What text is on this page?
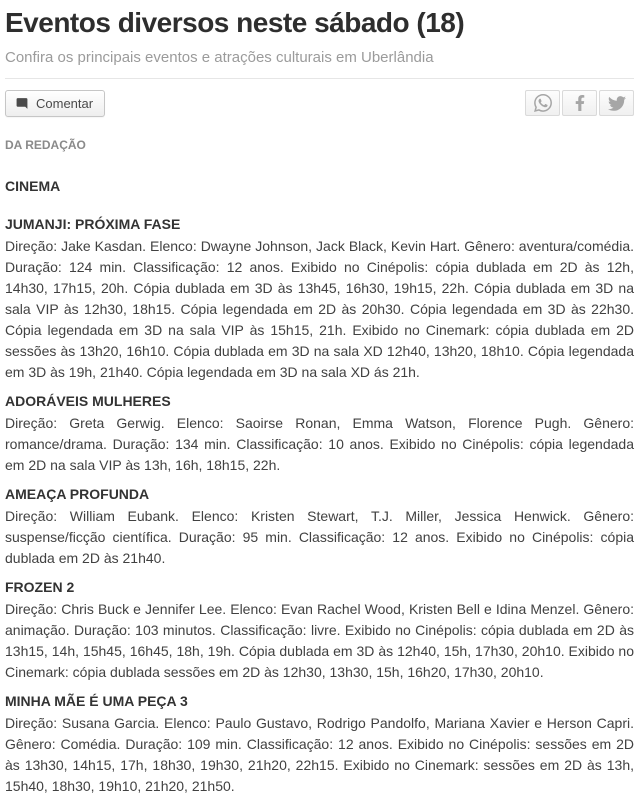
Eventos diversos neste sábado (18)

Confira os principais eventos e atrações culturais em Uberlândia

Comentar
DA REDAÇÃO
CINEMA
JUMANJI: PRÓXIMA FASE

Direção: Jake Kasdan. Elenco: Dwayne Johnson, Jack Black, Kevin Hart. Gênero: aventura/comédia. Duração: 124 min. Classificação: 12 anos. Exibido no Cinépolis: cópia dublada em 2D às 12h, 14h30, 17h15, 20h. Cópia dublada em 3D às 13h45, 16h30, 19h15, 22h. Cópia dublada em 3D na sala VIP às 12h30, 18h15. Cópia legendada em 2D às 20h30. Cópia legendada em 3D às 22h30. Cópia legendada em 3D na sala VIP às 15h15, 21h. Exibido no Cinemark: cópia dublada em 2D sessões às 13h20, 16h10. Cópia dublada em 3D na sala XD 12h40, 13h20, 18h10. Cópia legendada em 3D às 19h, 21h40. Cópia legendada em 3D na sala XD ás 21h.

ADORÁVEIS MULHERES

Direção: Greta Gerwig. Elenco: Saoirse Ronan, Emma Watson, Florence Pugh. Gênero: romance/drama. Duração: 134 min. Classificação: 10 anos. Exibido no Cinépolis: cópia legendada em 2D na sala VIP às 13h, 16h, 18h15, 22h.

AMEAÇA PROFUNDA

Direção: William Eubank. Elenco: Kristen Stewart, T.J. Miller, Jessica Henwick. Gênero: suspense/ficção científica. Duração: 95 min. Classificação: 12 anos. Exibido no Cinépolis: cópia dublada em 2D às 21h40.

FROZEN 2

Direção: Chris Buck e Jennifer Lee. Elenco: Evan Rachel Wood, Kristen Bell e Idina Menzel. Gênero: animação. Duração: 103 minutos. Classificação: livre. Exibido no Cinépolis: cópia dublada em 2D às 13h15, 14h, 15h45, 16h45, 18h, 19h. Cópia dublada em 3D às 12h40, 15h, 17h30, 20h10. Exibido no Cinemark: cópia dublada sessões em 2D às 12h30, 13h30, 15h, 16h20, 17h30, 20h10.

MINHA MÃE É UMA PEÇA 3

Direção: Susana Garcia. Elenco: Paulo Gustavo, Rodrigo Pandolfo, Mariana Xavier e Herson Capri. Gênero: Comédia. Duração: 109 min. Classificação: 12 anos. Exibido no Cinépolis: sessões em 2D às 13h30, 14h15, 17h, 18h30, 19h30, 21h20, 22h15. Exibido no Cinemark: sessões em 2D às 13h, 15h40, 18h30, 19h10, 21h20, 21h50.
